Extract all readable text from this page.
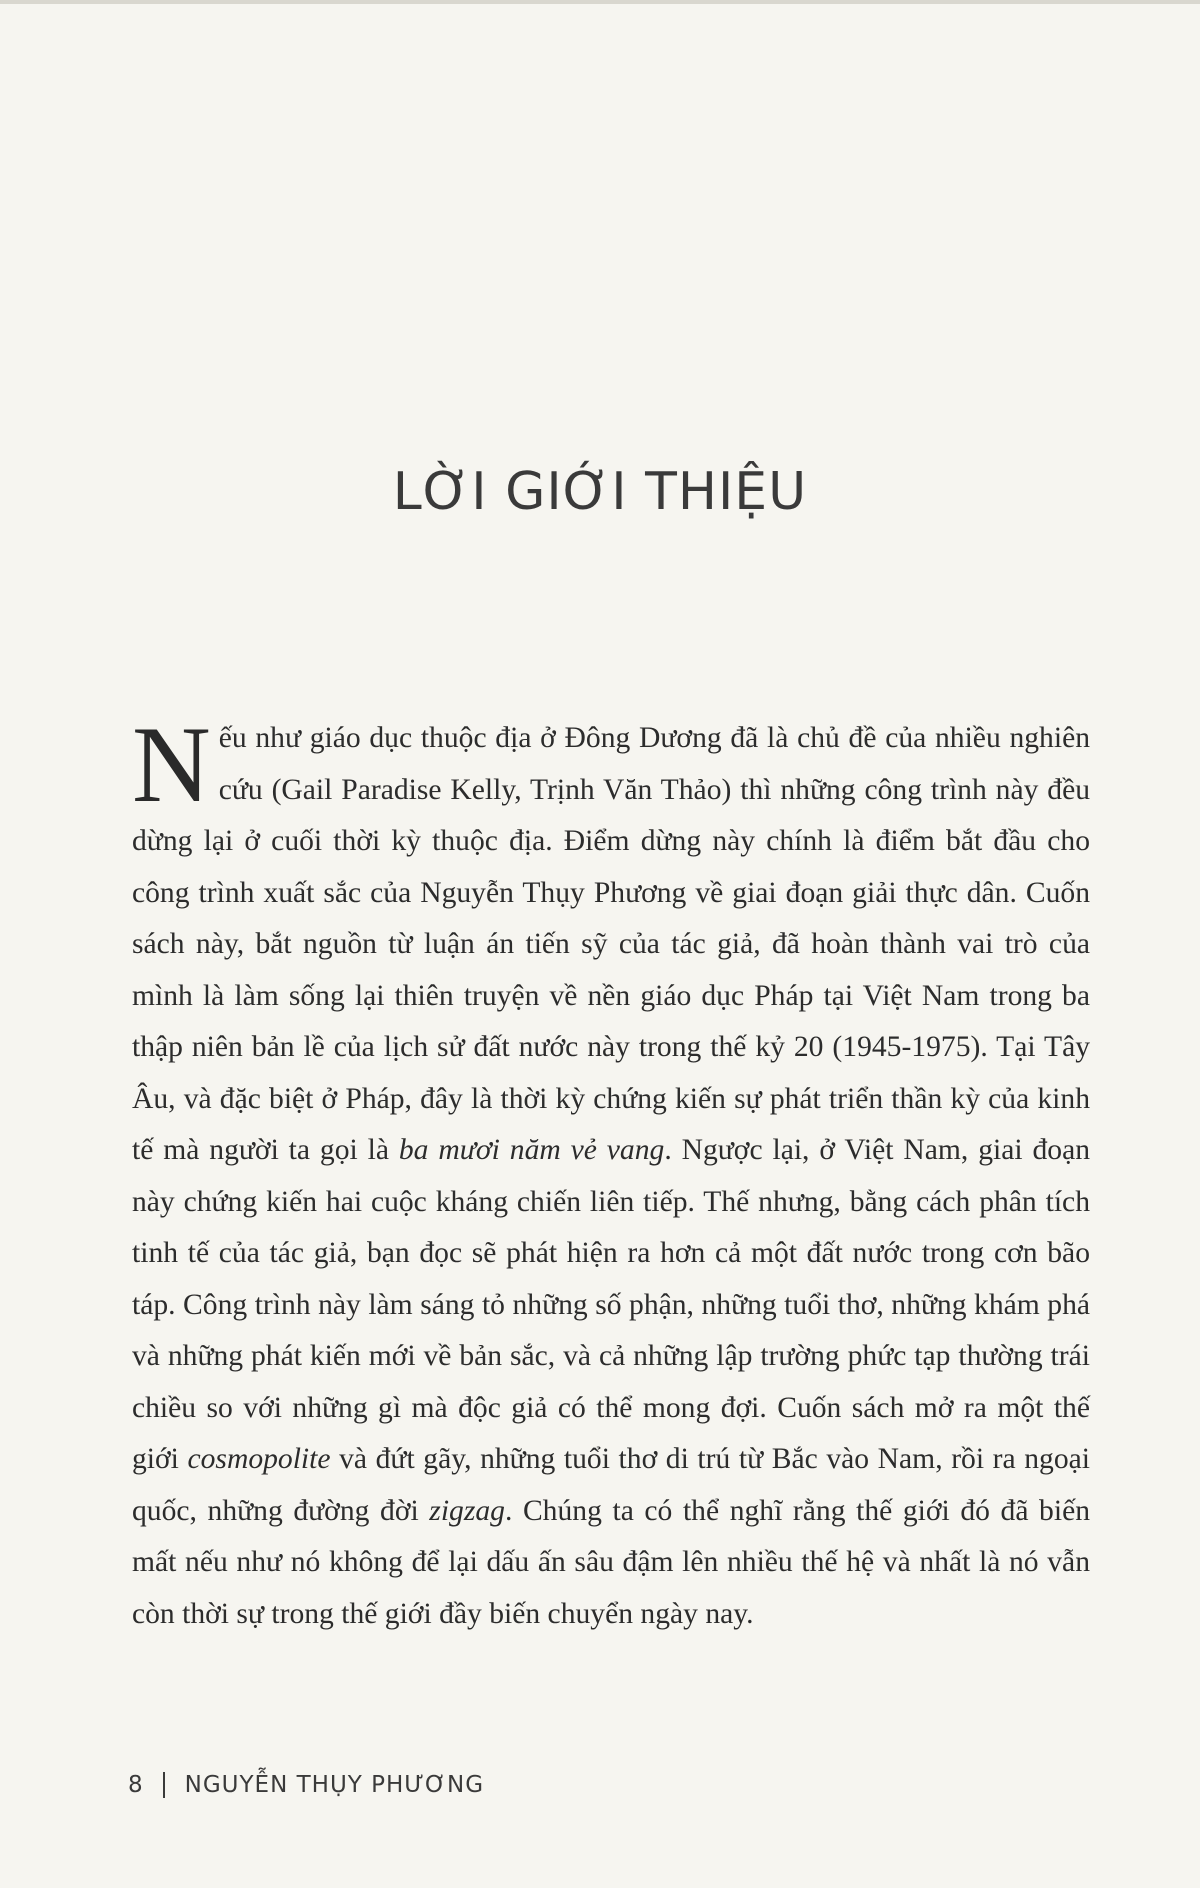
LỜI GIỚI THIỆU

Nếu như giáo dục thuộc địa ở Đông Dương đã là chủ đề của nhiều nghiên cứu (Gail Paradise Kelly, Trịnh Văn Thảo) thì những công trình này đều dừng lại ở cuối thời kỳ thuộc địa. Điểm dừng này chính là điểm bắt đầu cho công trình xuất sắc của Nguyễn Thụy Phương về giai đoạn giải thực dân. Cuốn sách này, bắt nguồn từ luận án tiến sỹ của tác giả, đã hoàn thành vai trò của mình là làm sống lại thiên truyện về nền giáo dục Pháp tại Việt Nam trong ba thập niên bản lề của lịch sử đất nước này trong thế kỷ 20 (1945-1975). Tại Tây Âu, và đặc biệt ở Pháp, đây là thời kỳ chứng kiến sự phát triển thần kỳ của kinh tế mà người ta gọi là ba mươi năm vẻ vang. Ngược lại, ở Việt Nam, giai đoạn này chứng kiến hai cuộc kháng chiến liên tiếp. Thế nhưng, bằng cách phân tích tinh tế của tác giả, bạn đọc sẽ phát hiện ra hơn cả một đất nước trong cơn bão táp. Công trình này làm sáng tỏ những số phận, những tuổi thơ, những khám phá và những phát kiến mới về bản sắc, và cả những lập trường phức tạp thường trái chiều so với những gì mà độc giả có thể mong đợi. Cuốn sách mở ra một thế giới cosmopolite và đứt gãy, những tuổi thơ di trú từ Bắc vào Nam, rồi ra ngoại quốc, những đường đời zigzag. Chúng ta có thể nghĩ rằng thế giới đó đã biến mất nếu như nó không để lại dấu ấn sâu đậm lên nhiều thế hệ và nhất là nó vẫn còn thời sự trong thế giới đầy biến chuyển ngày nay.

8 NGUYỄN THỤY PHƯƠNG
